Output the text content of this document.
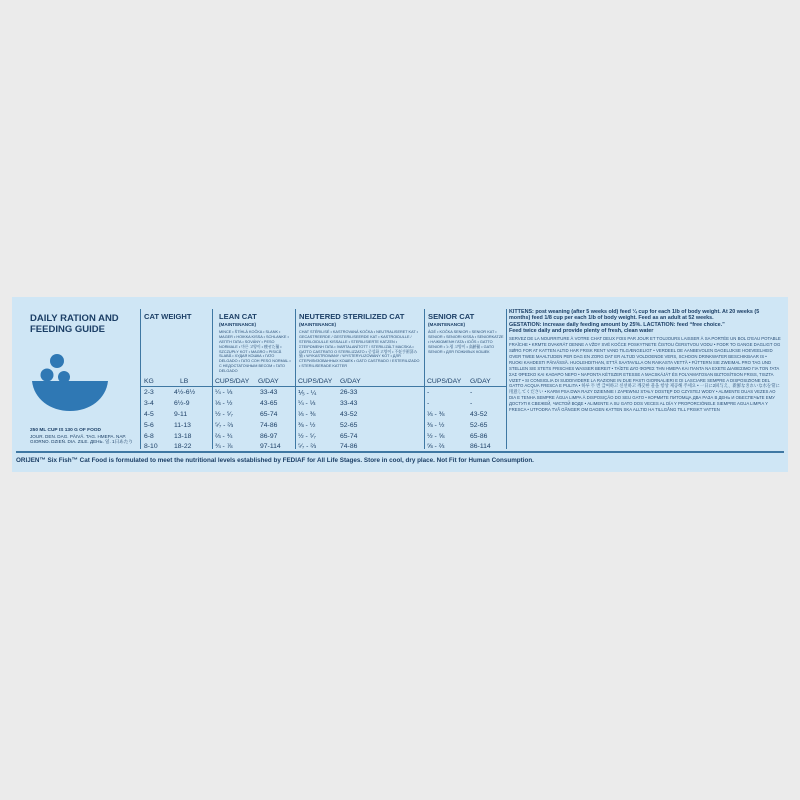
DAILY RATION AND FEEDING GUIDE
250 ML CUP IS 130 G OF FOOD
JOUR. DEN. DAG. PÄIVÄ. TAG. ΗΜΕΡΑ. NAP. GIORNO. DZIEŃ. DIA. ZILE. ДЕНЬ. 일. 1日あたり
CAT WEIGHT
KG	LB
LEAN CAT
(MAINTENANCE)
MINCE • ŠTÍHLÁ KOČKA • SLANK • MAGER • HOIKKA KISSA • SCHLANKE • ΛΕΠΤΗ ΓΑΤΑ • SOVÁNY • PESO NORMALE • 마른 고양이 • 痩せた猫 • SZCZUPŁY KOT • MAGRO • PISICĂ SLABĂ • ХУДАЯ КОШКА • ГАТО DELGADO • ГАТО СОН PESO NORMAL • С НЕДОСТАТОЧНЫМ ВЕСОМ • ГАТО DELGADO
CUPS/DAY G/DAY
NEUTERED STERILIZED CAT
(MAINTENANCE)
CHAT STÉRILISÉ • KASTROVANÁ KOČKA • NEUTRALISERET KAT • GECASTREERDE / GESTERILISEERDE KAT • KASTROIDULLE / STERILOIDULLE KISSALLE • STERILISIERTE KATZEN • ΣΤΕΙΡΩΜΕΝΗ ΓΑΤΑ • IVARTALANÍTOTT / STERILIZÁLT MACSKA • GATTO CASTRATO O STERILIZZATO • 중성화 고양이 • 不妊手術済み猫 • WYKASTROWANY / WYSTERYLIZOWANY KOT • ДЛЯ СТЕРИЛИЗОВАННЫХ КОШЕК • GATO CASTRADO / ESTERILIZADO • STERILISERADE KATTER
CUPS/DAY G/DAY
SENIOR CAT
(MAINTENANCE)
ÂGÉ • KOČKA SENIOR • SENIOR KAT • SENIOR • SENIORI KISSA • SENIORKATZE • ΗΛΙΚΙΩΜΕΝΗ ΓΑΤΑ • IDŐS • GATTO SENIOR • 노령 고양이 • 高齢猫 • GATO SENIOR • ДЛЯ ПОЖИЛЫХ КОШЕК
CUPS/DAY G/DAY
2-3	4½-6½	¼ - ⅓	33-43	⅕ - ¼	26-33	-	-
3-4	6½-9	⅓ - ½	43-65	¼ - ⅓	33-43	-	-
4-5	9-11	½ - ⁵⁄₇	65-74	⅓ - ⅜	43-52	⅓ - ⅜	43-52
5-6	11-13	⁵⁄₇ - ⅔	74-86	⅜ - ½	52-65	⅜ - ½	52-65
6-8	13-18	⅔ - ¾	86-97	½ - ⁵⁄₇	65-74	½ - ⅝	65-86
8-10 18-22	¾ - ⅞	97-114	⁵⁄₇ - ⅔	74-86	⅝ - ⅔	86-114
KITTENS: post weaning (after 5 weeks old) feed ¼ cup for each 1lb of body weight. At 20 weeks (5 months) feed 1/8 cup per each 1lb of body weight. Feed as an adult at 52 weeks.
GESTATION: increase daily feeding amount by 25%. LACTATION: feed “free choice.”
Feed twice daily and provide plenty of fresh, clean water
SERVEZ DE LA NOURRITURE À VOTRE CHAT DEUX FOIS PAR JOUR ET TOUJOURS LAISSER À SA PORTÉE UN BOL D’EAU POTABLE FRAÎCHE • KRMTE DVAKRÁT DENNE A VŽDY SVÉ KOČCE POSKYTNETE ČISTOU ČERSTVOU VODU • FODR TO GANGE DAGLIGT OG SØRG FOR AT KATTEN ALTID HAR FRISK RENT VAND TILGÆNGELIGT • VERDEEL DE AANBEVOLEN DAGELIJKSE HOEVEELHEID OVER TWEE MAALTIJDEN PER DAG EN ZORG DAT ER ALTIJD VOLDOENDE VERS, SCHOON DRINKWATER BESCHIKBAAR IS • RUOKI KAHDESTI PÄIVÄSSÄ. HUOLEHDITHAN, ETTÄ SAATAVILLA ON RAIKASTA VETTÄ • FÜTTERN SIE ZWEIMAL PRO TAG UND STELLEN SIE STETS FRISCHES WASSER BEREIT • ΤΑΪΣΤΕ ΔΥΟ ΦΟΡΕΣ ΤΗΝ ΗΜΕΡΑ ΚΑΙ ΠΑΝΤΑ ΝΑ ΕΧΕΤΕ ΔΙΑΘΕΣΙΜΟ ΓΙΑ ΤΟΝ ΓΑΤΑ ΣΑΣ ΦΡΕΣΚΟ ΚΑΙ ΚΑΘΑΡΟ ΝΕΡΟ • NAPONTA KÉTSZER ETESSE A MACSKÁJÁT ÉS FOLYAMATOSAN BIZTOSÍTSON FRISS, TISZTA VIZET • SI CONSIGLIA DI SUDDIVIDERE LA RAZIONE IN DUE PASTI GIORNALIERI E DI LASCIARE SEMPRE A DISPOSIZIONE DEL GATTO ACQUA FRESCA E PULITA • 하루 두 번 급여하고 신선하고 깨끗한 물을 항상 제공해 주세요 • 一日に2回与え、新鮮なきれいな水を常に用意してください • KARM PSA DWA RAZY DZIENNIE I ZAPEWNIJ STAŁY DOSTĘP DO CZYSTEJ WODY • ALIMENTE DUAS VEZES AO DIA E TENHA SEMPRE ÁGUA LIMPA À DISPOSIÇÃO DO SEU GATO • КОРМИТЕ ПИТОМЦА ДВА РАЗА В ДЕНЬ И ОБЕСПЕЧЬТЕ ЕМУ ДОСТУП К СВЕЖЕЙ, ЧИСТОЙ ВОДЕ • ALIMENTE A SU GATO DOS VECES AL DÍA Y PROPORCIÓNELE SIEMPRE AGUA LIMPIA Y FRESCA • UTFODRA TVÅ GÅNGER OM DAGEN KATTEN SKA ALLTID HA TILLGÅNG TILL FRISKT VATTEN
ORIJEN™ Six Fish™ Cat Food is formulated to meet the nutritional levels established by FEDIAF for All Life Stages. Store in cool, dry place. Not Fit for Human Consumption.
